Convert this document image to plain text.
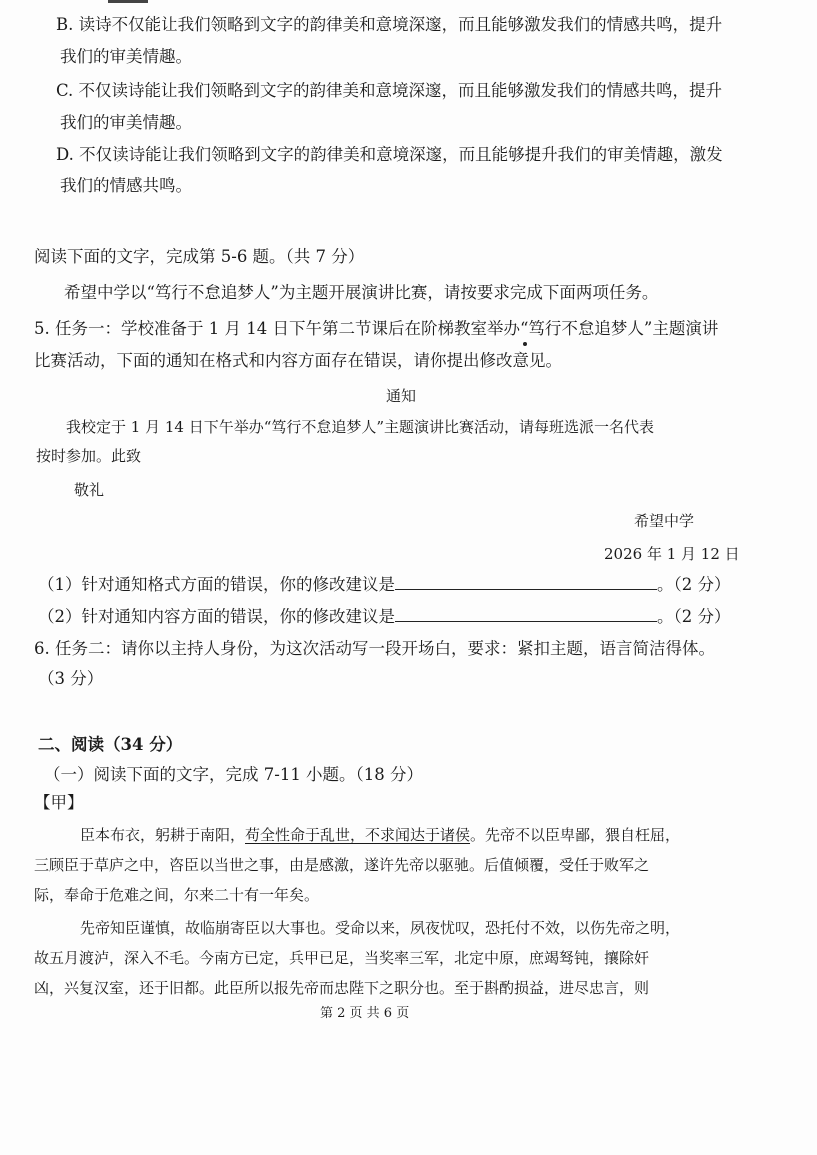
B. 读诗不仅能让我们领略到文字的韵律美和意境深邃，而且能够激发我们的情感共鸣，提升
我们的审美情趣。
C. 不仅读诗能让我们领略到文字的韵律美和意境深邃，而且能够激发我们的情感共鸣，提升
我们的审美情趣。
D. 不仅读诗能让我们领略到文字的韵律美和意境深邃，而且能够提升我们的审美情趣，激发
我们的情感共鸣。
阅读下面的文字，完成第 5-6 题。（共 7 分）
希望中学以“笃行不怠追梦人”为主题开展演讲比赛，请按要求完成下面两项任务。
5. 任务一：学校准备于 1 月 14 日下午第二节课后在阶梯教室举办“笃行不怠追梦人”主题演讲
比赛活动，下面的通知在格式和内容方面存在错误，请你提出修改意见。
通知
我校定于 1 月 14 日下午举办“笃行不怠追梦人”主题演讲比赛活动，请每班选派一名代表
按时参加。此致
敬礼
希望中学
2026 年 1 月 12 日
（1）针对通知格式方面的错误，你的修改建议是	。（2 分）
（2）针对通知内容方面的错误，你的修改建议是	。（2 分）
6. 任务二：请你以主持人身份，为这次活动写一段开场白，要求：紧扣主题，语言简洁得体。
（3 分）
二、阅读（34 分）
（一）阅读下面的文字，完成 7-11 小题。（18 分）
【甲】
臣本布衣，躬耕于南阳，苟全性命于乱世，不求闻达于诸侯。先帝不以臣卑鄙，猥自枉屈，
三顾臣于草庐之中，咨臣以当世之事，由是感激，遂许先帝以驱驰。后值倾覆，受任于败军之
际，奉命于危难之间，尔来二十有一年矣。
先帝知臣谨慎，故临崩寄臣以大事也。受命以来，夙夜忧叹，恐托付不效，以伤先帝之明，
故五月渡泸，深入不毛。今南方已定，兵甲已足，当奖率三军，北定中原，庶竭驽钝，攘除奸
凶，兴复汉室，还于旧都。此臣所以报先帝而忠陛下之职分也。至于斟酌损益，进尽忠言，则
第 2 页 共 6 页
